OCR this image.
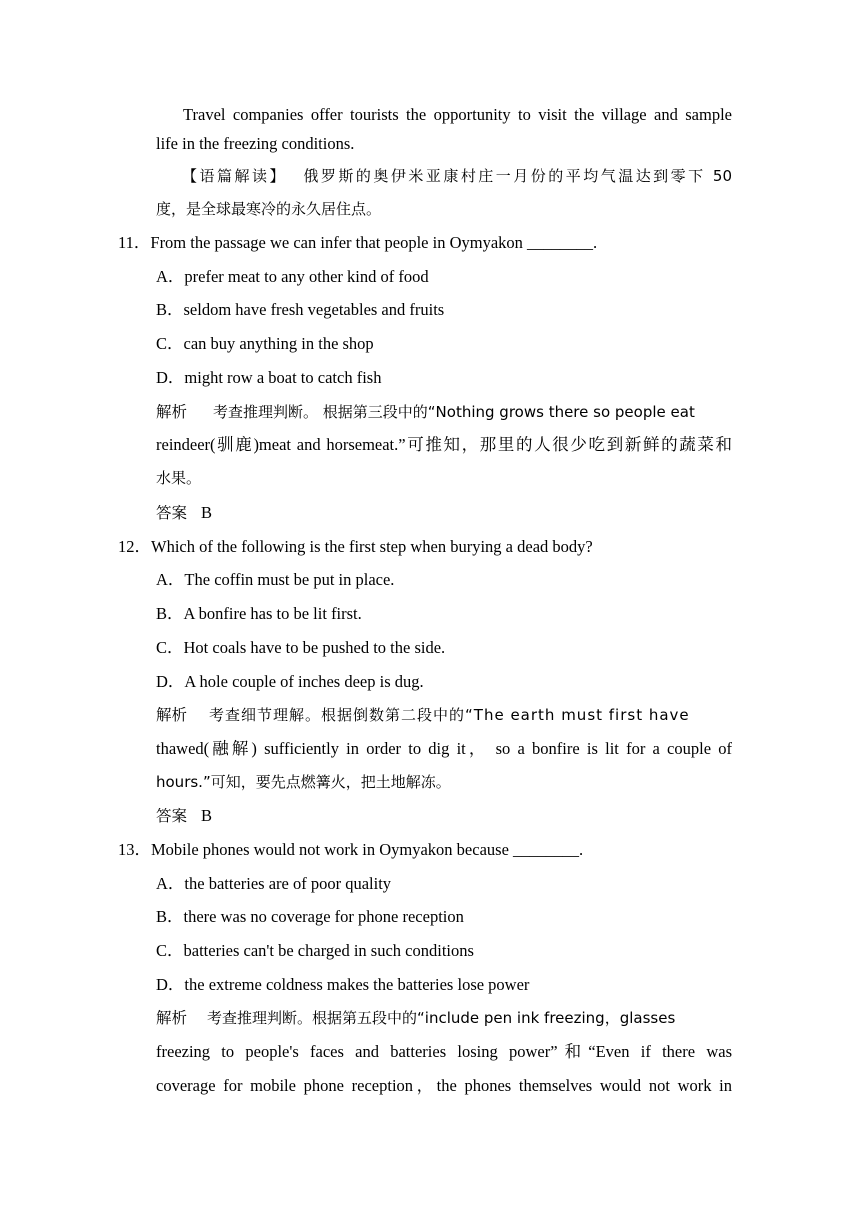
Travel companies offer tourists the opportunity to visit the village and sample
life in the freezing conditions.
【语篇解读】 俄罗斯的奥伊米亚康村庄一月份的平均气温达到零下 50
度，是全球最寒冷的永久居住点。
11．From the passage we can infer that people in Oymyakon ________.
A．prefer meat to any other kind of food
B．seldom have fresh vegetables and fruits
C．can buy anything in the shop
D．might row a boat to catch fish
解析 考查推理判断。 根据第三段中的“Nothing grows there so people eat
reindeer(驯鹿)meat and horsemeat.”可推知，那里的人很少吃到新鲜的蔬菜和
水果。
答案 B
12．Which of the following is the first step when burying a dead body?
A．The coffin must be put in place.
B．A bonfire has to be lit first.
C．Hot coals have to be pushed to the side.
D．A hole couple of inches deep is dug.
解析 考查细节理解。根据倒数第二段中的“The earth must first have
thawed(融解) sufficiently in order to dig it， so a bonfire is lit for a couple of
hours.”可知，要先点燃篝火，把土地解冻。
答案 B
13．Mobile phones would not work in Oymyakon because ________.
A．the batteries are of poor quality
B．there was no coverage for phone reception
C．batteries can't be charged in such conditions
D．the extreme coldness makes the batteries lose power
解析 考查推理判断。根据第五段中的“include pen ink freezing，glasses
freezing to people's faces and batteries losing power”和“Even if there was
coverage for mobile phone reception，the phones themselves would not work in
